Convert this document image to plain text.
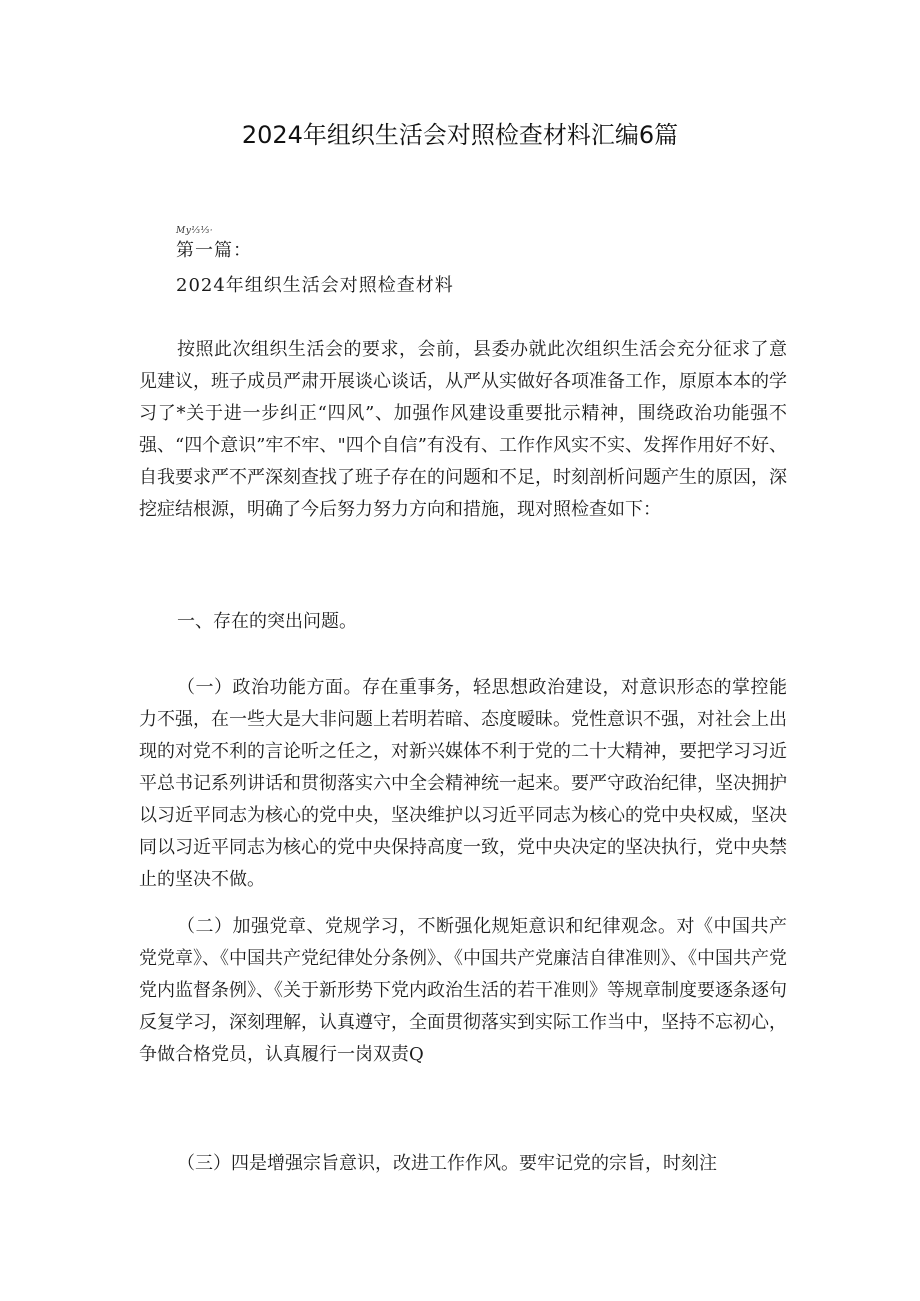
2024年组织生活会对照检查材料汇编6篇
My⅓⅓·
第一篇：
2024年组织生活会对照检查材料

按照此次组织生活会的要求，会前，县委办就此次组织生活会充分征求了意见建议，班子成员严肃开展谈心谈话，从严从实做好各项准备工作，原原本本的学习了*关于进一步纠正“四风”、加强作风建设重要批示精神，围绕政治功能强不强、“四个意识”牢不牢、"四个自信”有没有、工作作风实不实、发挥作用好不好、自我要求严不严深刻查找了班子存在的问题和不足，时刻剖析问题产生的原因，深挖症结根源，明确了今后努力努力方向和措施，现对照检查如下：

一、存在的突出问题。

（一）政治功能方面。存在重事务，轻思想政治建设，对意识形态的掌控能力不强，在一些大是大非问题上若明若暗、态度暧昧。党性意识不强，对社会上出现的对党不利的言论听之任之，对新兴媒体不利于党的二十大精神，要把学习习近平总书记系列讲话和贯彻落实六中全会精神统一起来。要严守政治纪律，坚决拥护以习近平同志为核心的党中央，坚决维护以习近平同志为核心的党中央权威，坚决同以习近平同志为核心的党中央保持高度一致，党中央决定的坚决执行，党中央禁止的坚决不做。

（二）加强党章、党规学习，不断强化规矩意识和纪律观念。对《中国共产党党章》、《中国共产党纪律处分条例》、《中国共产党廉洁自律准则》、《中国共产党党内监督条例》、《关于新形势下党内政治生活的若干准则》等规章制度要逐条逐句反复学习，深刻理解，认真遵守，全面贯彻落实到实际工作当中，坚持不忘初心，争做合格党员，认真履行一岗双责Q

（三）四是增强宗旨意识，改进工作作风。要牢记党的宗旨，时刻注
